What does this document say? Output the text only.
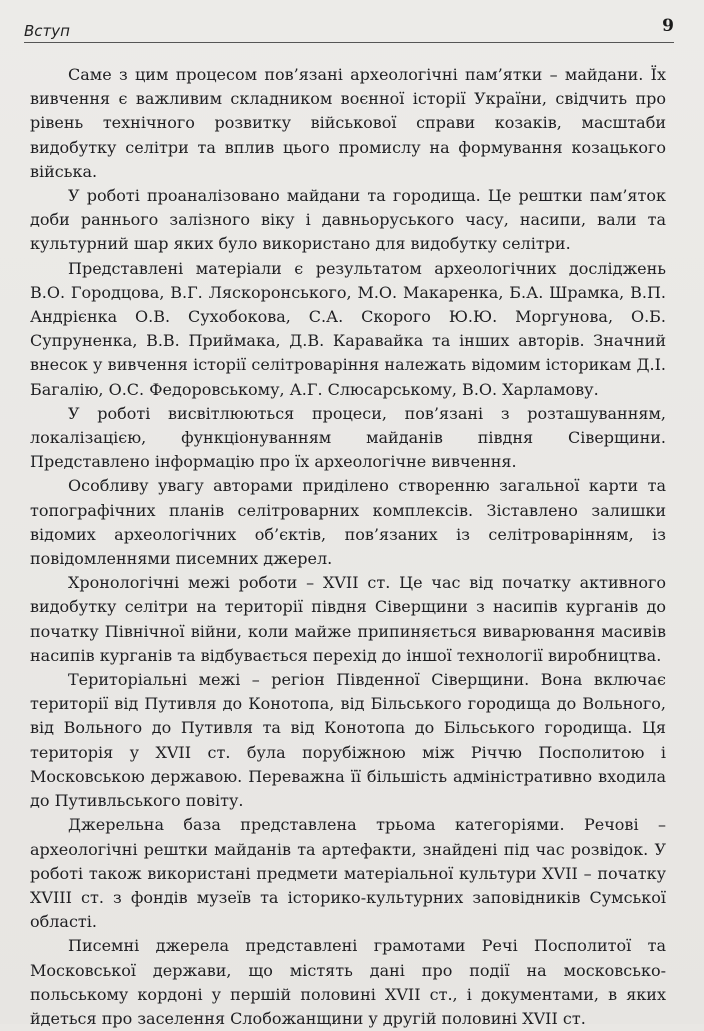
Вступ	9

Саме з цим процесом пов’язані археологічні пам’ятки – майдани. Їх вивчення є важливим складником воєнної історії України, свідчить про рівень технічного розвитку військової справи козаків, масштаби видобутку селітри та вплив цього промислу на формування козацького війська.

У роботі проаналізовано майдани та городища. Це рештки пам’яток доби раннього залізного віку і давньоруського часу, насипи, вали та культурний шар яких було використано для видобутку селітри.

Представлені матеріали є результатом археологічних досліджень В.О. Городцова, В.Г. Ляскоронського, М.О. Макаренка, Б.А. Шрамка, В.П. Андрієнка О.В. Сухобокова, С.А. Скорого Ю.Ю. Моргунова, О.Б. Супруненка, В.В. Приймака, Д.В. Каравайка та інших авторів. Значний внесок у вивчення історії селітроваріння належать відомим історикам Д.І. Багалію, О.С. Федоровському, А.Г. Слюсарському, В.О. Харламову.

У роботі висвітлюються процеси, пов’язані з розташуванням, локалізацією, функціонуванням майданів півдня Сіверщини. Представлено інформацію про їх археологічне вивчення.

Особливу увагу авторами приділено створенню загальної карти та топографічних планів селітроварних комплексів. Зіставлено залишки відомих археологічних об’єктів, пов’язаних із селітроварінням, із повідомленнями писемних джерел.

Хронологічні межі роботи – XVII ст. Це час від початку активного видобутку селітри на території півдня Сіверщини з насипів курганів до початку Північної війни, коли майже припиняється виварювання масивів насипів курганів та відбувається перехід до іншої технології виробництва.

Територіальні межі – регіон Південної Сіверщини. Вона включає території від Путивля до Конотопа, від Більського городища до Вольного, від Вольного до Путивля та від Конотопа до Більського городища. Ця територія у XVII ст. була порубіжною між Річчю Посполитою і Московською державою. Переважна її більшість адміністративно входила до Путивльського повіту.

Джерельна база представлена трьома категоріями. Речові – археологічні рештки майданів та артефакти, знайдені під час розвідок. У роботі також використані предмети матеріальної культури XVII – початку XVIII ст. з фондів музеїв та історико-культурних заповідників Сумської області.

Писемні джерела представлені грамотами Речі Посполитої та Московської держави, що містять дані про події на московсько-польському кордоні у першій половині XVII ст., і документами, в яких йдеться про заселення Слобожанщини у другій половині XVII ст.
